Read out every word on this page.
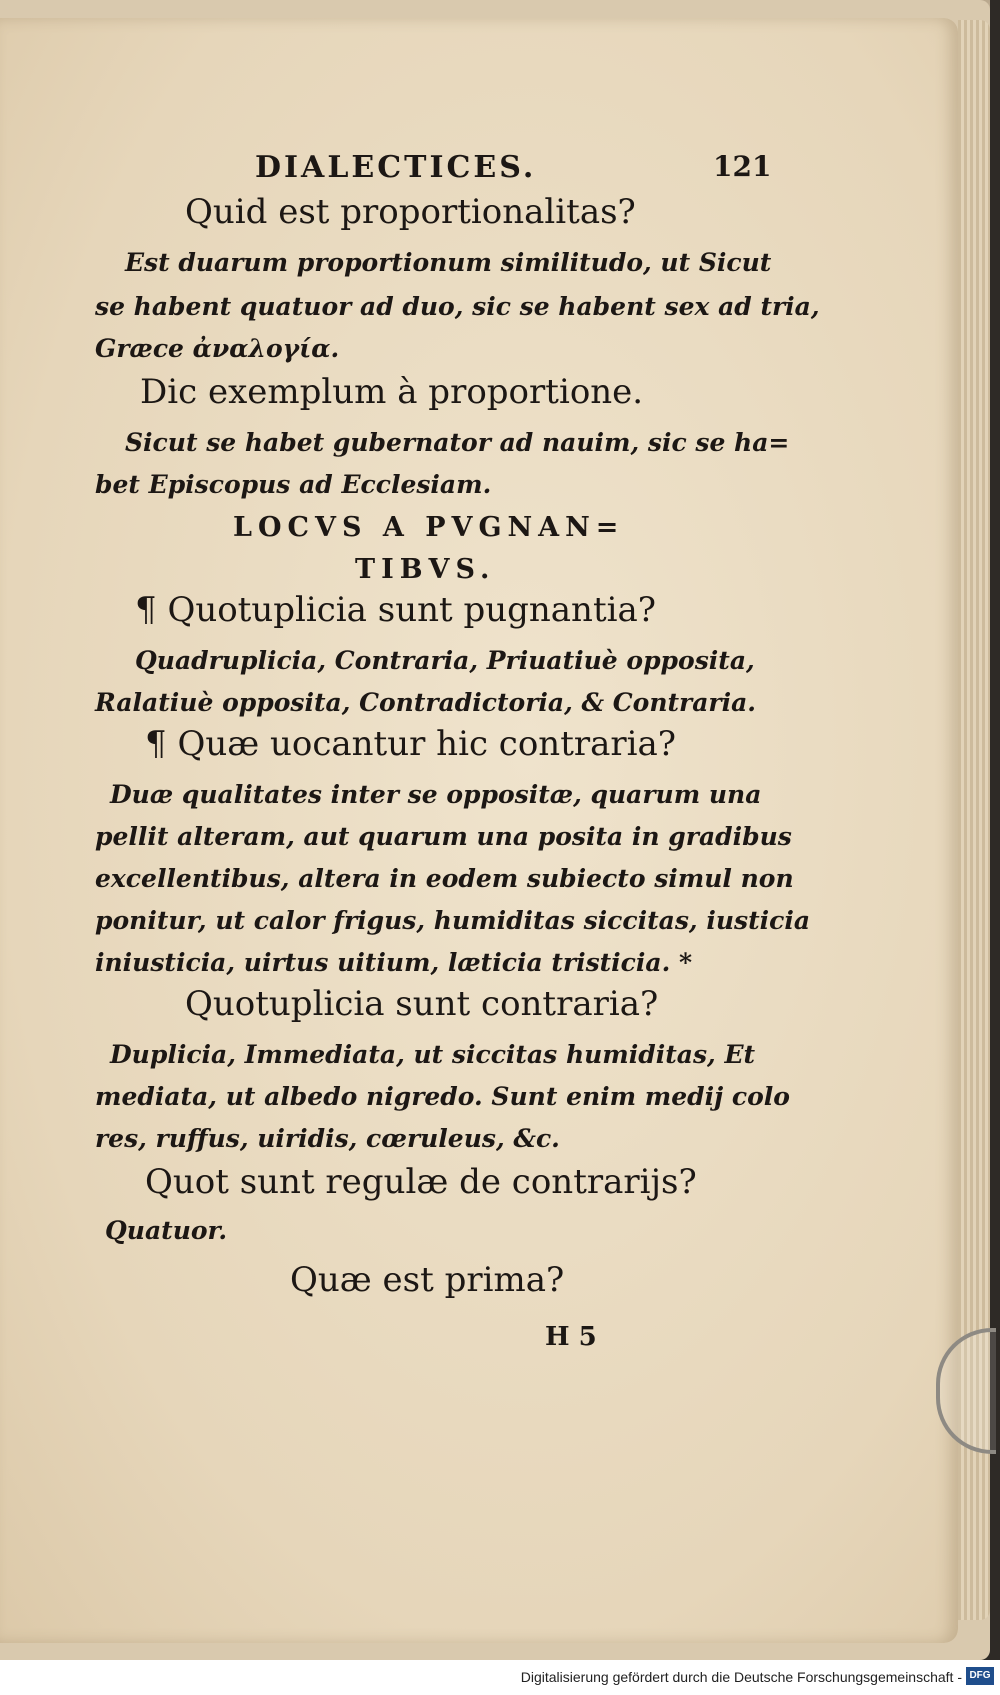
DIALECTICES.	121
Quid est proportionalitas?
Est duarum proportionum similitudo, ut Sicut
se habent quatuor ad duo, sic se habent sex ad tria,
Græce ἀναλογία.
Dic exemplum à proportione.
Sicut se habet gubernator ad nauim, sic se ha=
bet Episcopus ad Ecclesiam.
LOCVS A PVGNAN=
TIBVS.
¶ Quotuplicia sunt pugnantia?
Quadruplicia, Contraria, Priuatiuè opposita,
Ralatiuè opposita, Contradictoria, & Contraria.
¶ Quæ uocantur hic contraria?
Duæ qualitates inter se oppositæ, quarum una
pellit alteram, aut quarum una posita in gradibus
excellentibus, altera in eodem subiecto simul non
ponitur, ut calor frigus, humiditas siccitas, iusticia
iniusticia, uirtus uitium, læticia tristicia. *
Quotuplicia sunt contraria?
Duplicia, Immediata, ut siccitas humiditas, Et
mediata, ut albedo nigredo. Sunt enim medij colo
res, ruffus, uiridis, cœruleus, &c.
Quot sunt regulæ de contrarijs?
Quatuor.
Quæ est prima?
H 5
Digitalisierung gefördert durch die Deutsche Forschungsgemeinschaft - DFG
